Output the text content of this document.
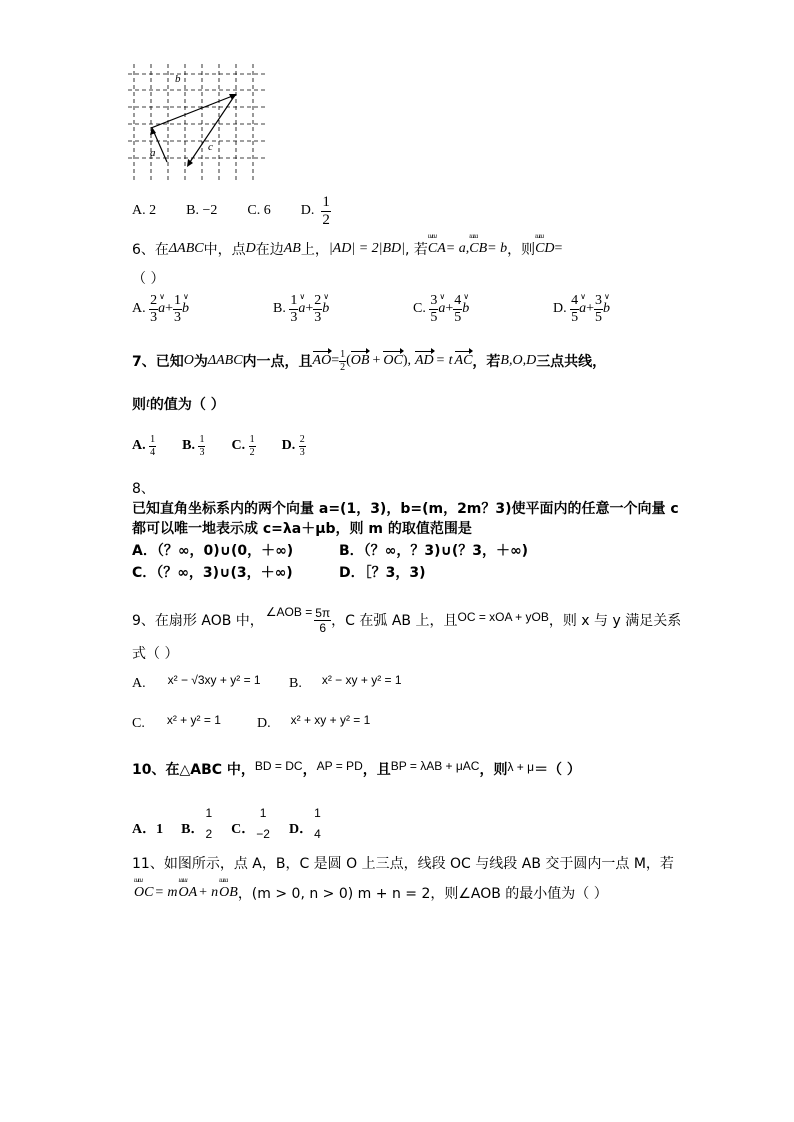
b
a	c
A. 2 B. −2 C. 6 D.
$\frac{1}{2}$
6、在 ΔABC 中，点 D 在边 AB 上， |AD| = 2|BD| , 若 ɯɯ CA = a, ɯɯ CB = b ，则 ɯɯ CD =
（ ）
A.
$\frac{2}{3}$ ∨ $a + \frac{1}{3}$ ∨ b	B.
$\frac{1}{3}$ ∨ $a + \frac{2}{3}$ ∨ b	C.
$\frac{3}{5}$ ∨ $a + \frac{4}{5}$ ∨ b	D.
$\frac{4}{5}$ ∨ $a + \frac{3}{5}$ ∨ b
7、已知 O 为 ΔABC 内一点，且 AO = $\frac{1}{2}$ ( OB + OC ), AD = t AC ，若 B,O,D 三点共线，
则 t 的值为（ ）
A.
$\frac{1}{4} B$.
$\frac{1}{3} C$.
$\frac{1}{2} D$.
$\frac{2}{3}$
8、
已知直角坐标系内的两个向量 a=(1，3)，b=(m，2m？3)使平面内的任意一个向量 c
都可以唯一地表示成 c=λa＋μb，则 m 的取值范围是
A．（？∞，0)∪(0，＋∞)	B．（？∞，？3)∪(？3，＋∞)
C．（？∞，3)∪(3，＋∞)	D．［？3，3)
9、在扇形 AOB 中，
∠AOB = $\frac{5\pi}{6}$ ，C 在弧 AB 上，且 OC = xOA + yOB ，则 x 与 y 满足关系
式（ ）
A. x² − √3xy + y² = 1 B. x² − xy + y² = 1
C. x² + y² = 1	D. x² + xy + y² = 1
10、在△ABC 中， BD = DC ， AP = PD ，且 BP = λAB + μAC ，则 λ + μ ＝（ ）
A．1 B．
1
2 C．
1
−2 D．
1
4
11、如图所示，点 A，B，C 是圆 O 上三点，线段 OC 与线段 AB 交于圆内一点 M，若
ɯɯ OC = m ɯɯ OA + n ɯɯ OB ，(m > 0, n > 0) m + n = 2，则∠AOB 的最小值为（ ）
